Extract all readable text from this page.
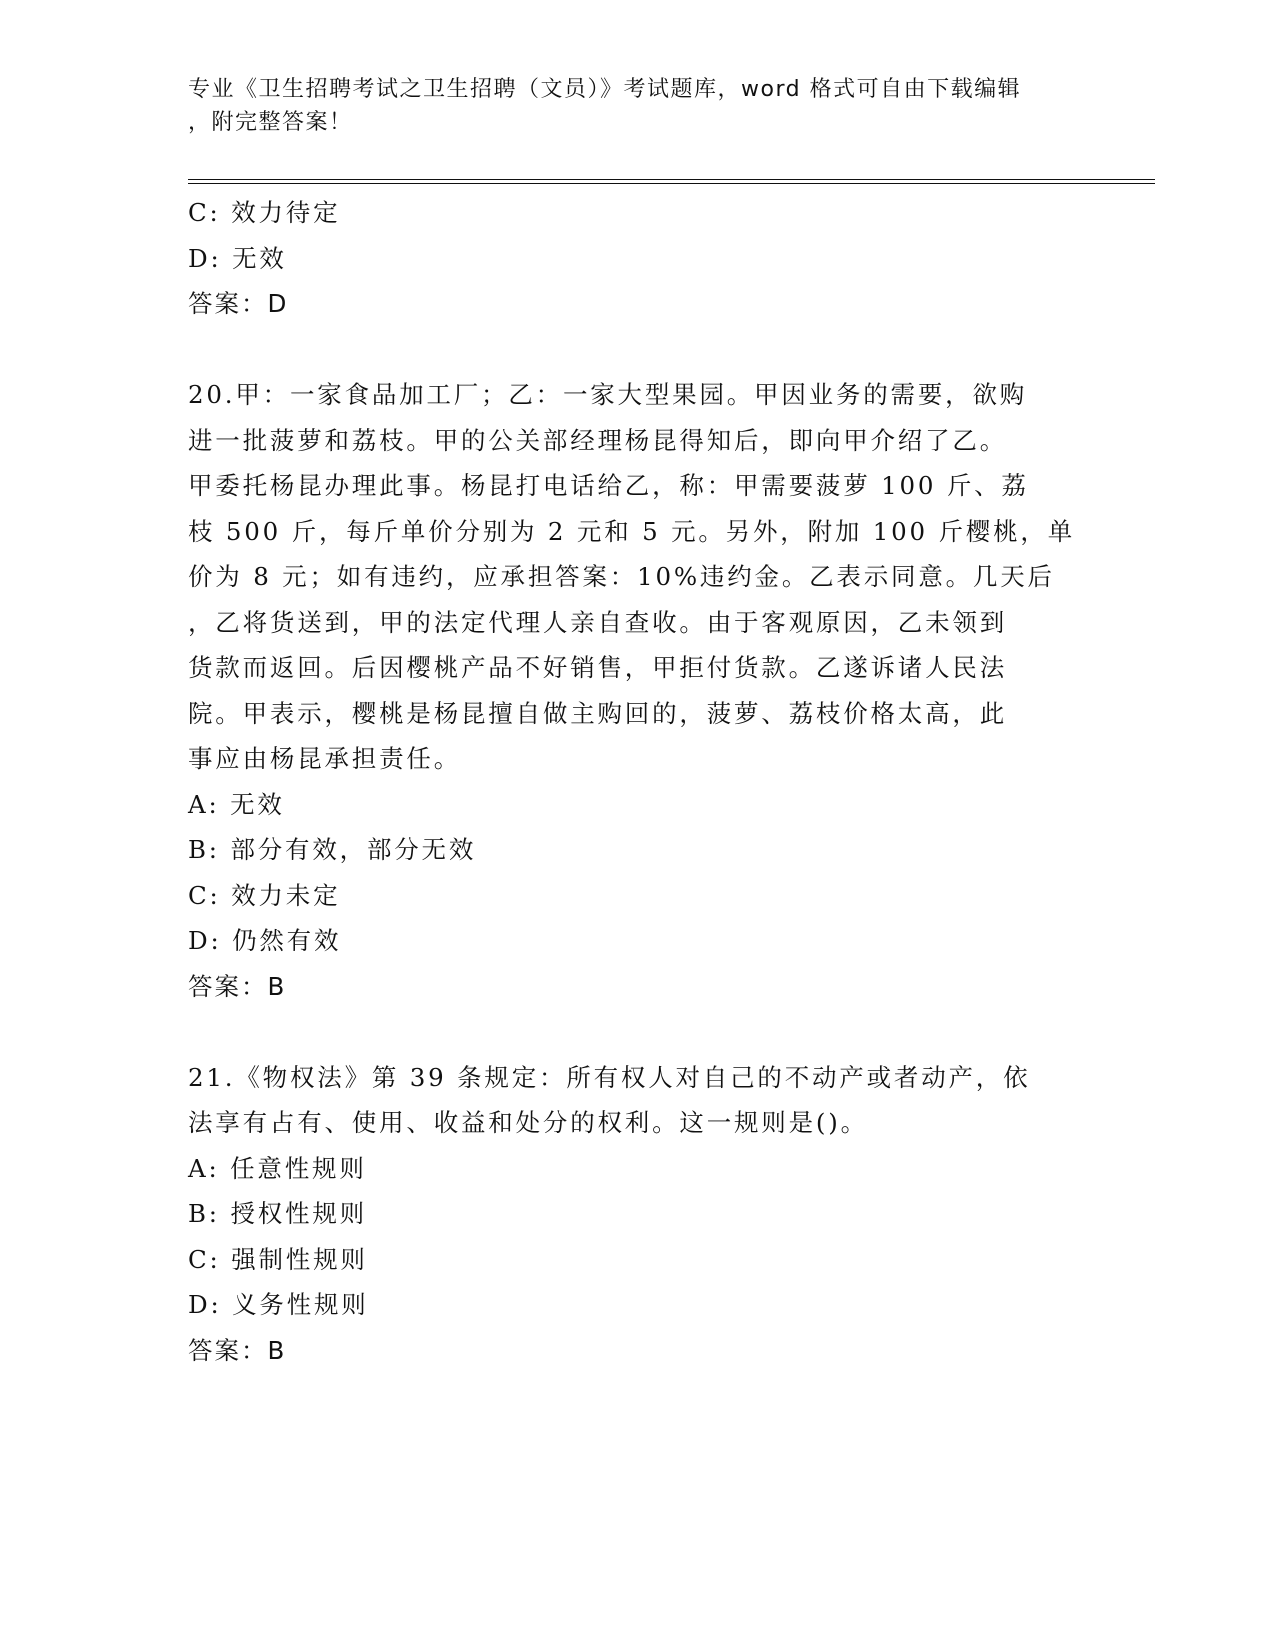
专业《卫生招聘考试之卫生招聘（文员）》考试题库，word 格式可自由下载编辑
，附完整答案！
C: 效力待定
D: 无效
答案：D
20.甲：一家食品加工厂；乙：一家大型果园。甲因业务的需要，欲购
进一批菠萝和荔枝。甲的公关部经理杨昆得知后，即向甲介绍了乙。
甲委托杨昆办理此事。杨昆打电话给乙，称：甲需要菠萝 100 斤、荔
枝 500 斤，每斤单价分别为 2 元和 5 元。另外，附加 100 斤樱桃，单
价为 8 元；如有违约，应承担答案：10%违约金。乙表示同意。几天后
，乙将货送到，甲的法定代理人亲自查收。由于客观原因，乙未领到
货款而返回。后因樱桃产品不好销售，甲拒付货款。乙遂诉诸人民法
院。甲表示，樱桃是杨昆擅自做主购回的，菠萝、荔枝价格太高，此
事应由杨昆承担责任。
A: 无效
B: 部分有效，部分无效
C: 效力未定
D: 仍然有效
答案：B
21.《物权法》第 39 条规定：所有权人对自己的不动产或者动产，依
法享有占有、使用、收益和处分的权利。这一规则是()。
A: 任意性规则
B: 授权性规则
C: 强制性规则
D: 义务性规则
答案：B
